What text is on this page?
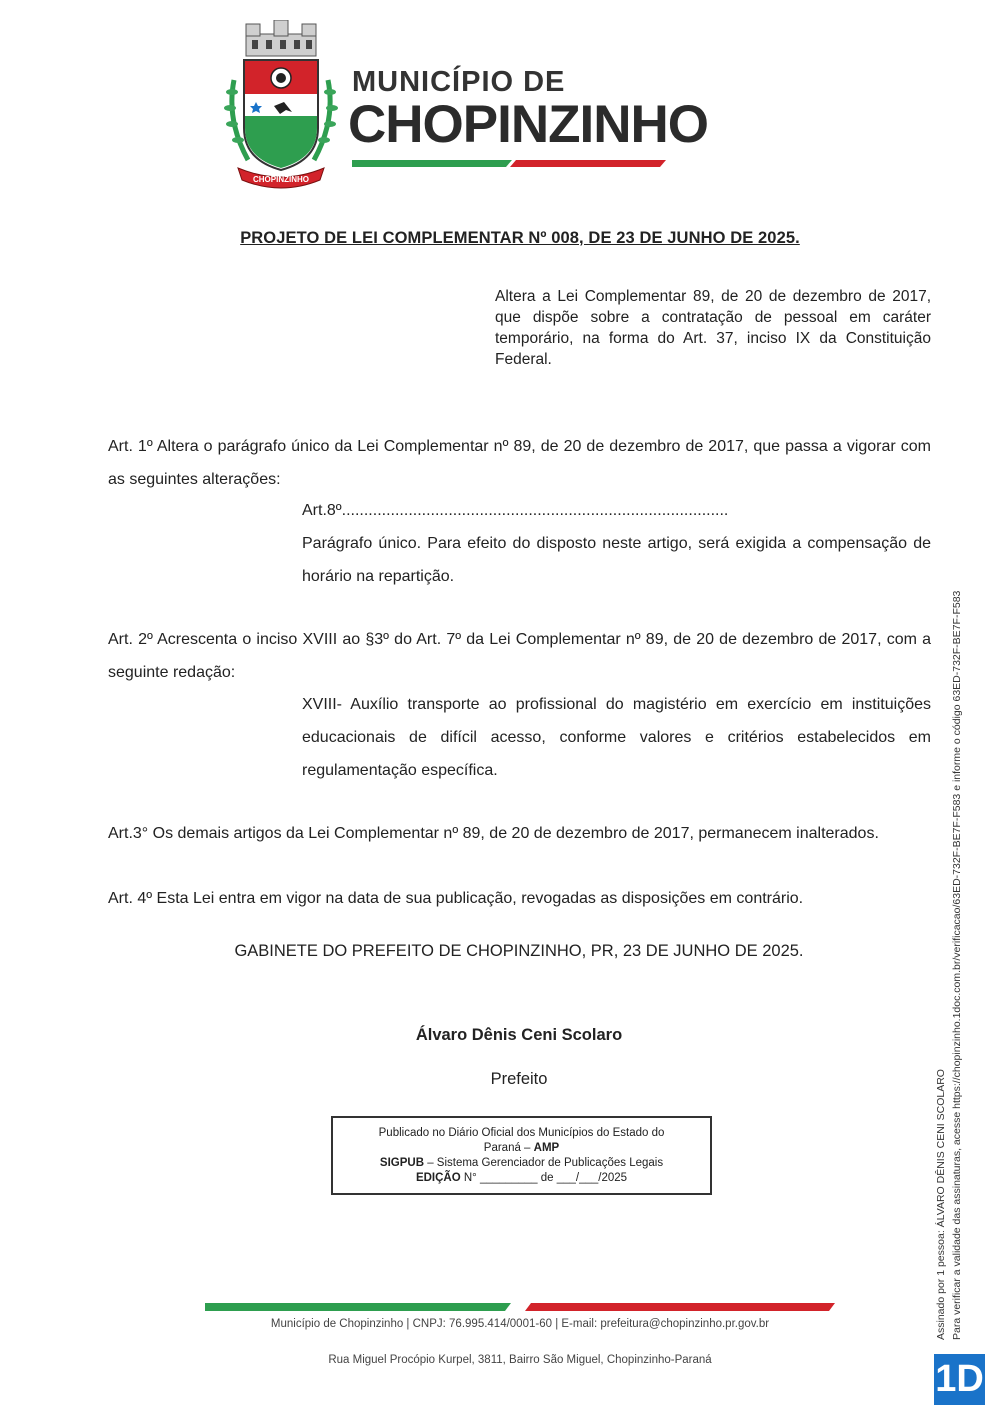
CHOPINZINHO
MUNICÍPIO DE
CHOPINZINHO
PROJETO DE LEI COMPLEMENTAR Nº 008, DE 23 DE JUNHO DE 2025.
Altera a Lei Complementar 89, de 20 de dezembro de 2017, que dispõe sobre a contratação de pessoal em caráter temporário, na forma do Art. 37, inciso IX da Constituição Federal.
Art. 1º Altera o parágrafo único da Lei Complementar nº 89, de 20 de dezembro de 2017, que passa a vigorar com as seguintes alterações:
Art.8º.......................................................................................
Parágrafo único. Para efeito do disposto neste artigo, será exigida a compensação de horário na repartição.
Art. 2º Acrescenta o inciso XVIII ao §3º do Art. 7º da Lei Complementar nº 89, de 20 de dezembro de 2017, com a seguinte redação:
XVIII- Auxílio transporte ao profissional do magistério em exercício em instituições educacionais de difícil acesso, conforme valores e critérios estabelecidos em regulamentação específica.
Art.3° Os demais artigos da Lei Complementar nº 89, de 20 de dezembro de 2017, permanecem inalterados.
Art. 4º Esta Lei entra em vigor na data de sua publicação, revogadas as disposições em contrário.
GABINETE DO PREFEITO DE CHOPINZINHO, PR, 23 DE JUNHO DE 2025.
Álvaro Dênis Ceni Scolaro
Prefeito
Publicado no Diário Oficial dos Municípios do Estado do
Paraná – AMP
SIGPUB – Sistema Gerenciador de Publicações Legais
EDIÇÃO N° _________ de ___/___/2025
Município de Chopinzinho | CNPJ: 76.995.414/0001-60 | E-mail: prefeitura@chopinzinho.pr.gov.br
Rua Miguel Procópio Kurpel, 3811, Bairro São Miguel, Chopinzinho-Paraná
Assinado por 1 pessoa: ÁLVARO DÊNIS CENI SCOLARO Para verificar a validade das assinaturas, acesse https://chopinzinho.1doc.com.br/verificacao/63ED-732F-BE7F-F583 e informe o código 63ED-732F-BE7F-F583
1D
